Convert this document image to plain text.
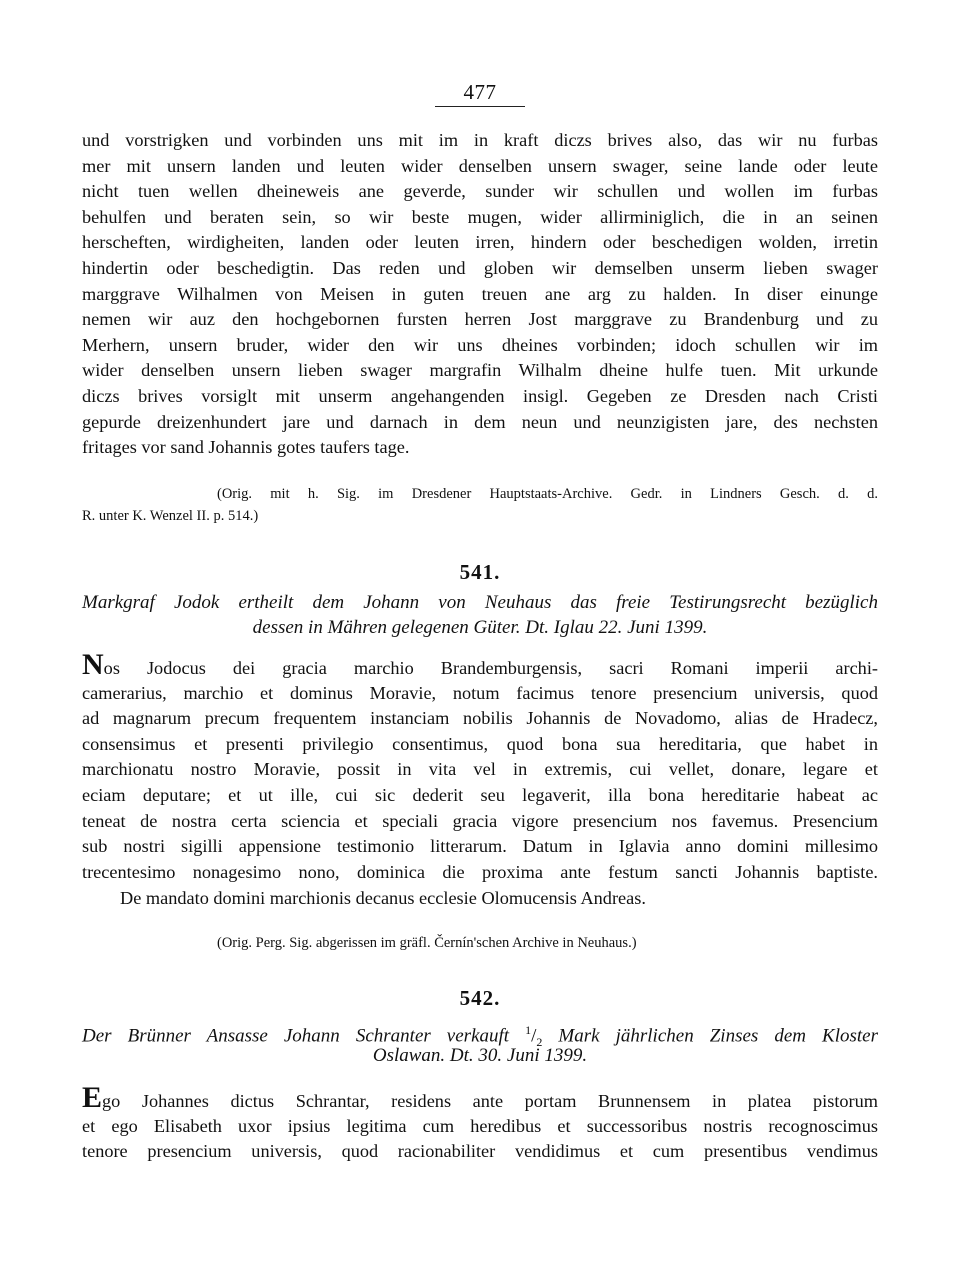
477
und vorstrigken und vorbinden uns mit im in kraft diczs brives also, das wir nu furbas
mer mit unsern landen und leuten wider denselben unsern swager, seine lande oder leute
nicht tuen wellen dheineweis ane geverde, sunder wir schullen und wollen im furbas
behulfen und beraten sein, so wir beste mugen, wider allirminiglich, die in an seinen
herscheften, wirdigheiten, landen oder leuten irren, hindern oder beschedigen wolden, irretin
hindertin oder beschedigtin. Das reden und globen wir demselben unserm lieben swager
marggrave Wilhalmen von Meisen in guten treuen ane arg zu halden. In diser einunge
nemen wir auz den hochgebornen fursten herren Jost marggrave zu Brandenburg und zu
Merhern, unsern bruder, wider den wir uns dheines vorbinden; idoch schullen wir im
wider denselben unsern lieben swager margrafin Wilhalm dheine hulfe tuen. Mit urkunde
diczs brives vorsiglt mit unserm angehangenden insigl. Gegeben ze Dresden nach Cristi
gepurde dreizenhundert jare und darnach in dem neun und neunzigisten jare, des nechsten
fritages vor sand Johannis gotes taufers tage.
(Orig. mit h. Sig. im Dresdener Hauptstaats-Archive. Gedr. in Lindners Gesch. d. d.
R. unter K. Wenzel II. p. 514.)
541.
Markgraf Jodok ertheilt dem Johann von Neuhaus das freie Testirungsrecht bezüglich
dessen in Mähren gelegenen Güter. Dt. Iglau 22. Juni 1399.
Nos Jodocus dei gracia marchio Brandemburgensis, sacri Romani imperii archi-
camerarius, marchio et dominus Moravie, notum facimus tenore presencium universis, quod
ad magnarum precum frequentem instanciam nobilis Johannis de Novadomo, alias de Hradecz,
consensimus et presenti privilegio consentimus, quod bona sua hereditaria, que habet in
marchionatu nostro Moravie, possit in vita vel in extremis, cui vellet, donare, legare et
eciam deputare; et ut ille, cui sic dederit seu legaverit, illa bona hereditarie habeat ac
teneat de nostra certa sciencia et speciali gracia vigore presencium nos favemus. Presencium
sub nostri sigilli appensione testimonio litterarum. Datum in Iglavia anno domini millesimo
trecentesimo nonagesimo nono, dominica die proxima ante festum sancti Johannis baptiste.
De mandato domini marchionis decanus ecclesie Olomucensis Andreas.
(Orig. Perg. Sig. abgerissen im gräfl. Černín'schen Archive in Neuhaus.)
542.
Der Brünner Ansasse Johann Schranter verkauft $^1/_2$ Mark jährlichen Zinses dem Kloster
Oslawan. Dt. 30. Juni 1399.
Ego Johannes dictus Schrantar, residens ante portam Brunnensem in platea pistorum
et ego Elisabeth uxor ipsius legitima cum heredibus et successoribus nostris recognoscimus
tenore presencium universis, quod racionabiliter vendidimus et cum presentibus vendimus
